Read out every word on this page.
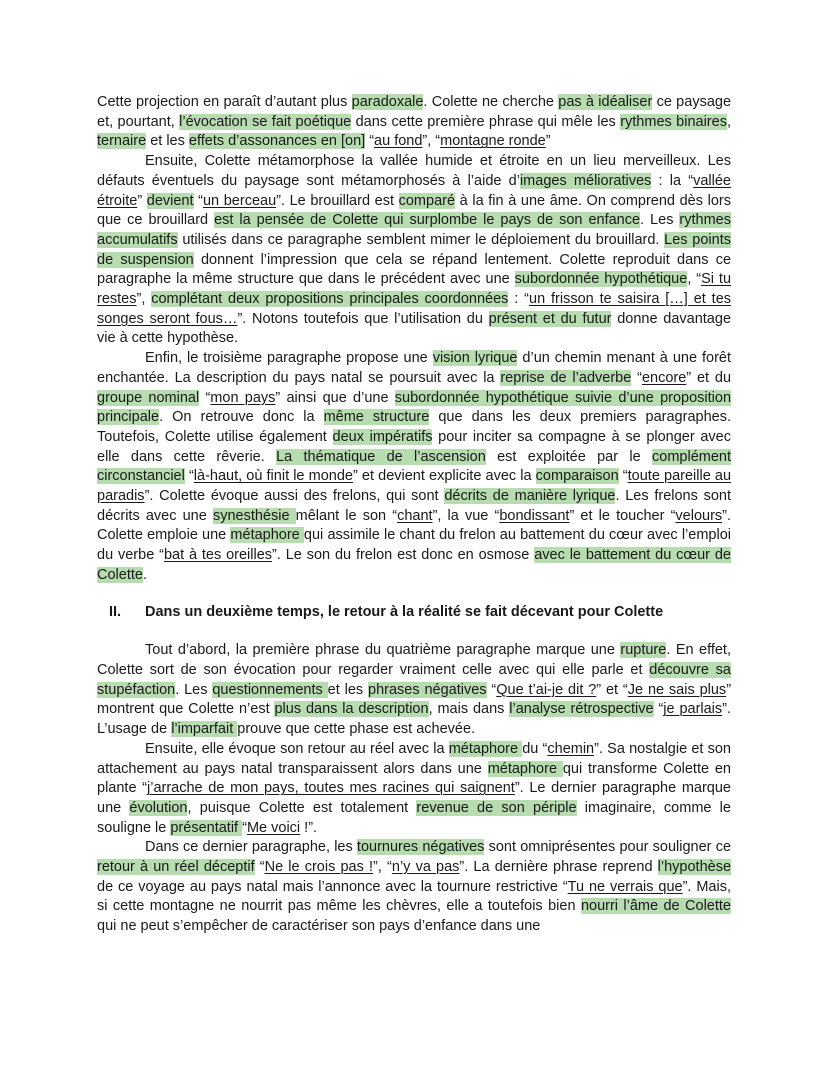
Cette projection en paraît d’autant plus paradoxale. Colette ne cherche pas à idéaliser ce paysage et, pourtant, l’évocation se fait poétique dans cette première phrase qui mêle les rythmes binaires, ternaire et les effets d’assonances en [on] “au fond”, “montagne ronde”

Ensuite, Colette métamorphose la vallée humide et étroite en un lieu merveilleux. Les défauts éventuels du paysage sont métamorphosés à l’aide d’images mélioratives : la “vallée étroite” devient “un berceau”. Le brouillard est comparé à la fin à une âme. On comprend dès lors que ce brouillard est la pensée de Colette qui surplombe le pays de son enfance. Les rythmes accumulatifs utilisés dans ce paragraphe semblent mimer le déploiement du brouillard. Les points de suspension donnent l’impression que cela se répand lentement. Colette reproduit dans ce paragraphe la même structure que dans le précédent avec une subordonnée hypothétique, “Si tu restes”, complétant deux propositions principales coordonnées : “un frisson te saisira […] et tes songes seront fous…”. Notons toutefois que l’utilisation du présent et du futur donne davantage vie à cette hypothèse.

Enfin, le troisième paragraphe propose une vision lyrique d’un chemin menant à une forêt enchantée. La description du pays natal se poursuit avec la reprise de l’adverbe “encore” et du groupe nominal “mon pays” ainsi que d’une subordonnée hypothétique suivie d’une proposition principale. On retrouve donc la même structure que dans les deux premiers paragraphes. Toutefois, Colette utilise également deux impératifs pour inciter sa compagne à se plonger avec elle dans cette rêverie. La thématique de l’ascension est exploitée par le complément circonstanciel “là-haut, où finit le monde” et devient explicite avec la comparaison “toute pareille au paradis”. Colette évoque aussi des frelons, qui sont décrits de manière lyrique. Les frelons sont décrits avec une synesthésie mêlant le son “chant”, la vue “bondissant” et le toucher “velours”. Colette emploie une métaphore qui assimile le chant du frelon au battement du cœur avec l’emploi du verbe “bat à tes oreilles”. Le son du frelon est donc en osmose avec le battement du cœur de Colette.

II.	Dans un deuxième temps, le retour à la réalité se fait décevant pour Colette

Tout d’abord, la première phrase du quatrième paragraphe marque une rupture. En effet, Colette sort de son évocation pour regarder vraiment celle avec qui elle parle et découvre sa stupéfaction. Les questionnements et les phrases négatives “Que t’ai-je dit ?” et “Je ne sais plus” montrent que Colette n’est plus dans la description, mais dans l’analyse rétrospective “je parlais”. L’usage de l’imparfait prouve que cette phase est achevée.

Ensuite, elle évoque son retour au réel avec la métaphore du “chemin”. Sa nostalgie et son attachement au pays natal transparaissent alors dans une métaphore qui transforme Colette en plante “j’arrache de mon pays, toutes mes racines qui saignent”. Le dernier paragraphe marque une évolution, puisque Colette est totalement revenue de son périple imaginaire, comme le souligne le présentatif “Me voici !”.

Dans ce dernier paragraphe, les tournures négatives sont omniprésentes pour souligner ce retour à un réel déceptif “Ne le crois pas !”, “n’y va pas”. La dernière phrase reprend l’hypothèse de ce voyage au pays natal mais l’annonce avec la tournure restrictive “Tu ne verrais que”. Mais, si cette montagne ne nourrit pas même les chèvres, elle a toutefois bien nourri l’âme de Colette qui ne peut s’empêcher de caractériser son pays d’enfance dans une
